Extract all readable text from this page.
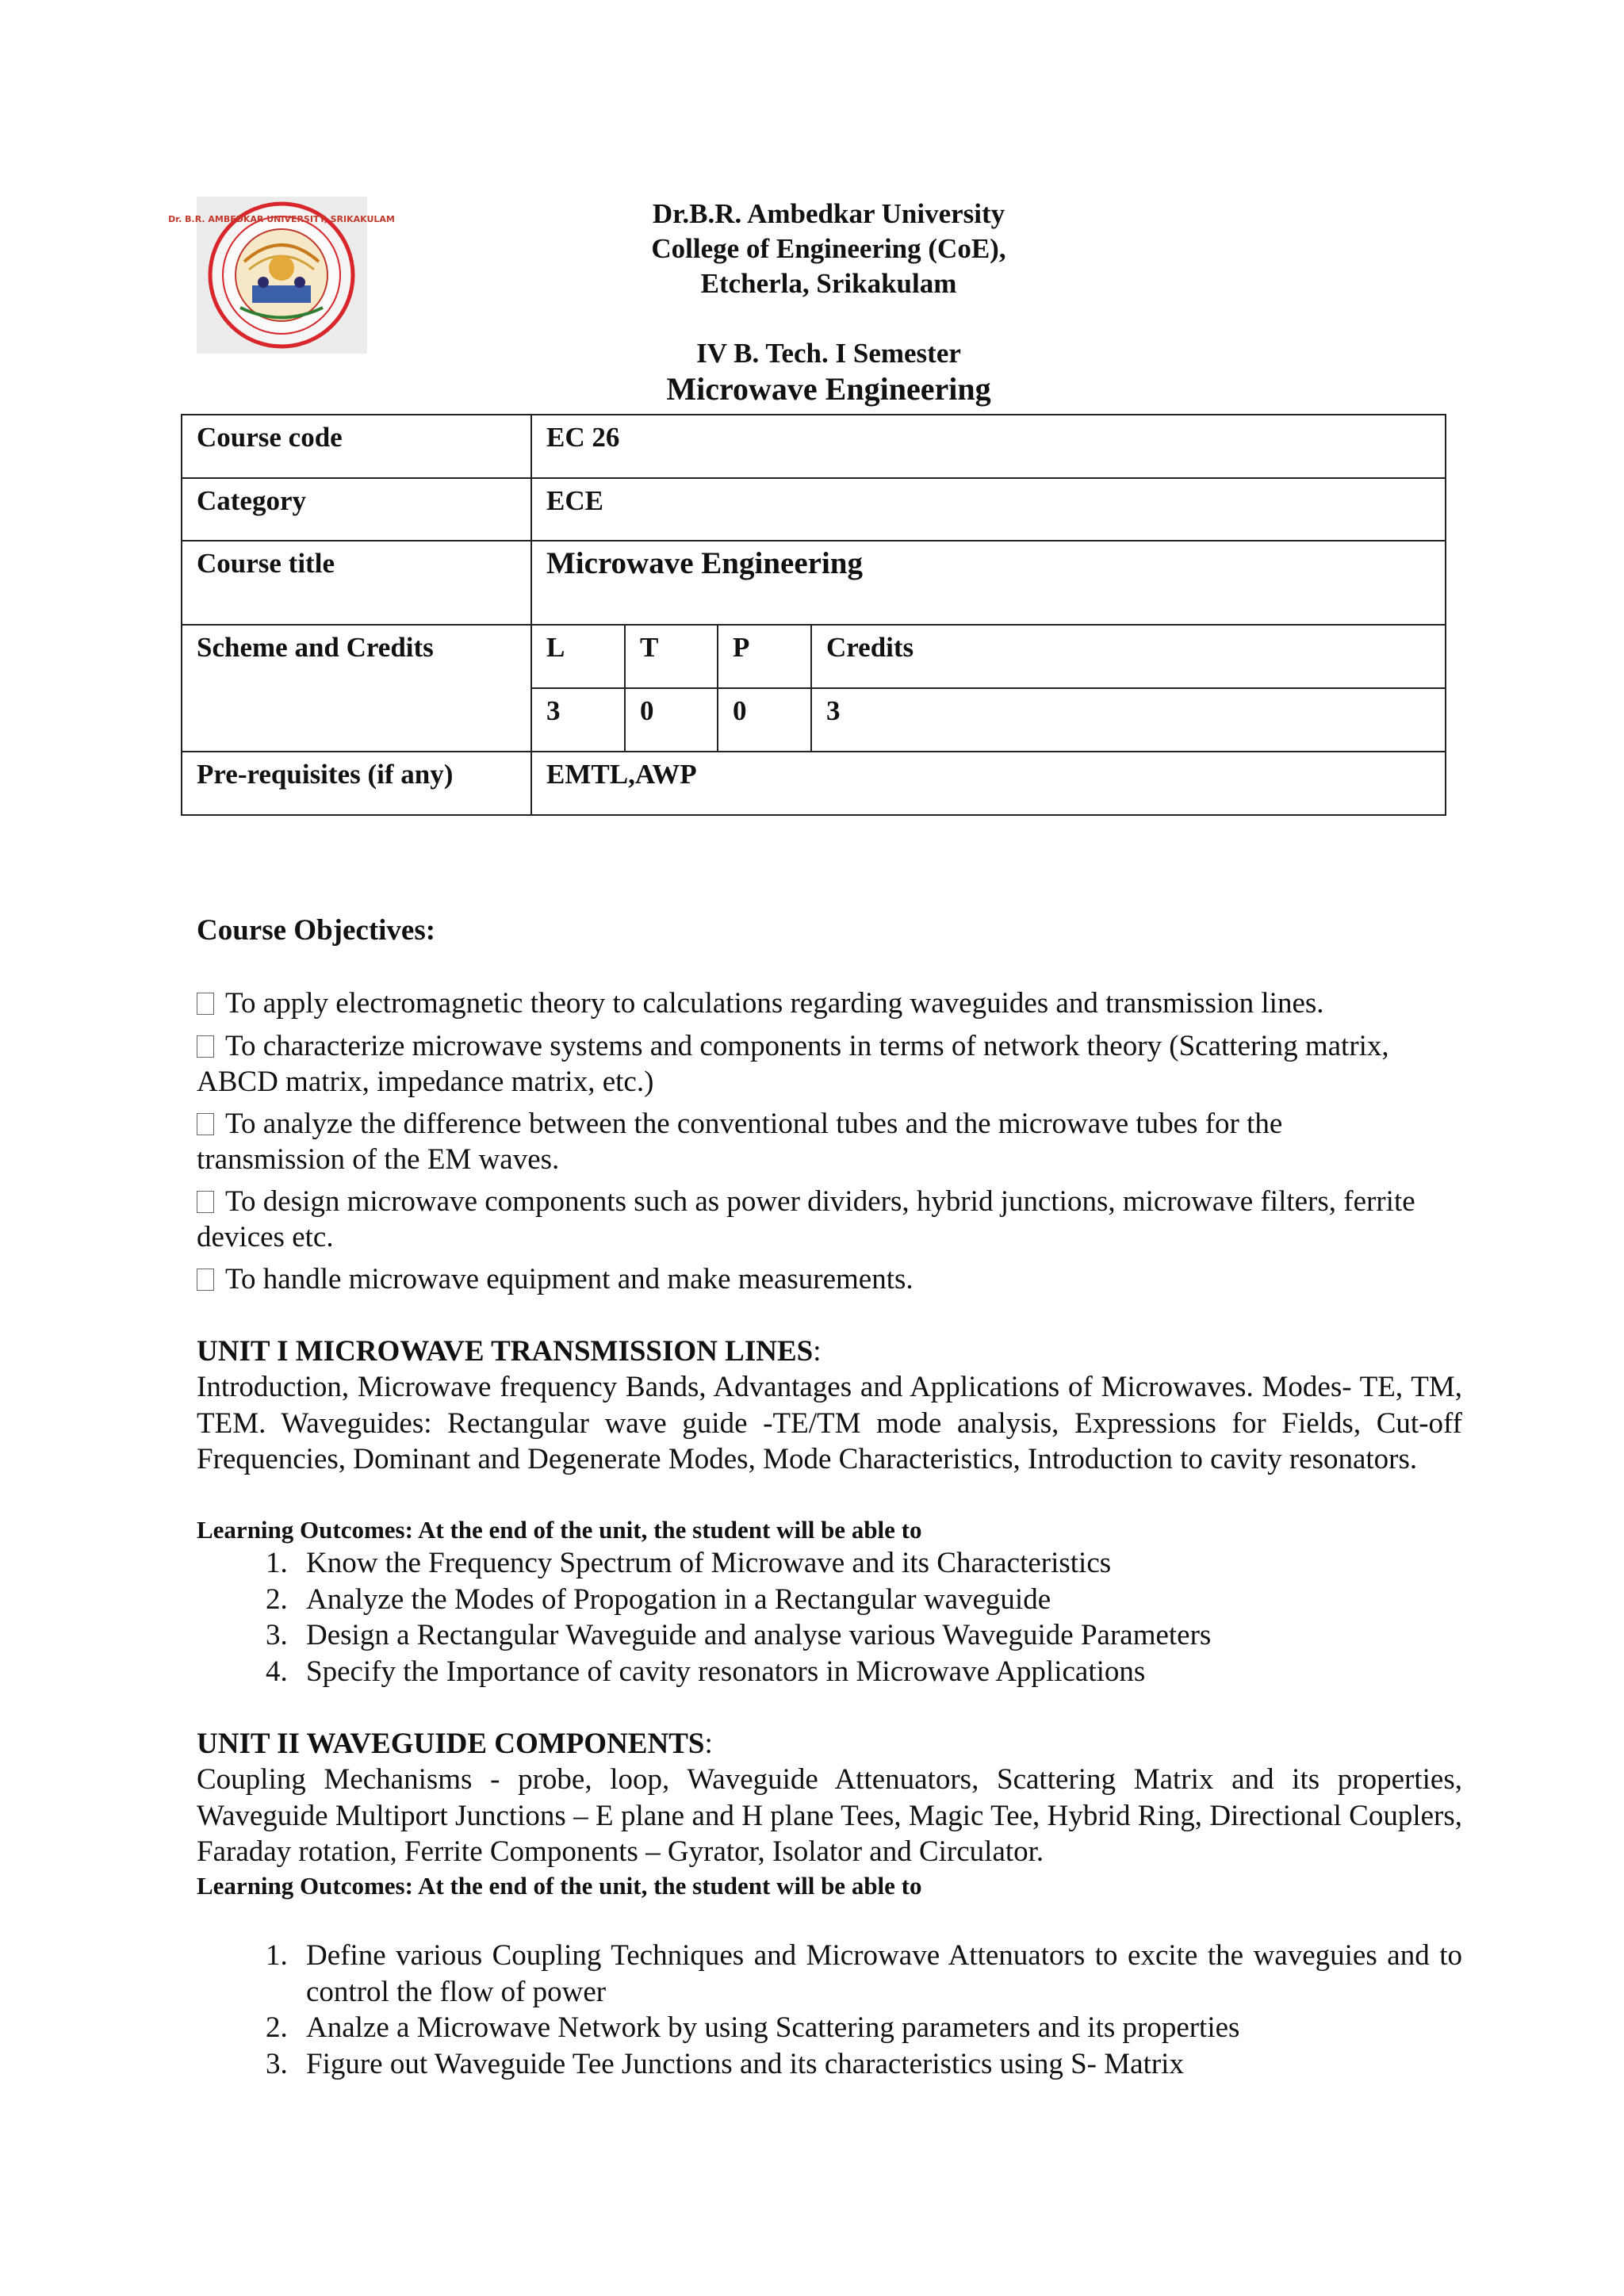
Dr. B.R. AMBEDKAR UNIVERSITY, SRIKAKULAM	Dr.B.R. Ambedkar University
College of Engineering (CoE),
Etcherla, Srikakulam
IV B. Tech. I Semester
Microwave Engineering
Course code	EC 26			
Category	ECE			
Course title	Microwave Engineering			
Scheme and Credits	L	T	P	Credits
	3	0	0	3
Pre-requisites (if any)	EMTL,AWP			
Course Objectives:
To apply electromagnetic theory to calculations regarding waveguides and transmission lines.
To characterize microwave systems and components in terms of network theory (Scattering matrix, ABCD matrix, impedance matrix, etc.)
To analyze the difference between the conventional tubes and the microwave tubes for the transmission of the EM waves.
To design microwave components such as power dividers, hybrid junctions, microwave filters, ferrite devices etc.
To handle microwave equipment and make measurements.
UNIT I MICROWAVE TRANSMISSION LINES:
Introduction, Microwave frequency Bands, Advantages and Applications of Microwaves. Modes- TE, TM, TEM. Waveguides: Rectangular wave guide -TE/TM mode analysis, Expressions for Fields, Cut-off Frequencies, Dominant and Degenerate Modes, Mode Characteristics, Introduction to cavity resonators.
Learning Outcomes: At the end of the unit, the student will be able to
1. Know the Frequency Spectrum of Microwave and its Characteristics
2. Analyze the Modes of Propogation in a Rectangular waveguide
3. Design a Rectangular Waveguide and analyse various Waveguide Parameters
4. Specify the Importance of cavity resonators in Microwave Applications
UNIT II WAVEGUIDE COMPONENTS:
Coupling Mechanisms - probe, loop, Waveguide Attenuators, Scattering Matrix and its properties, Waveguide Multiport Junctions – E plane and H plane Tees, Magic Tee, Hybrid Ring, Directional Couplers, Faraday rotation, Ferrite Components – Gyrator, Isolator and Circulator.
Learning Outcomes: At the end of the unit, the student will be able to
1. Define various Coupling Techniques and Microwave Attenuators to excite the waveguies and to control the flow of power
2. Analze a Microwave Network by using Scattering parameters and its properties
3. Figure out Waveguide Tee Junctions and its characteristics using S- Matrix
